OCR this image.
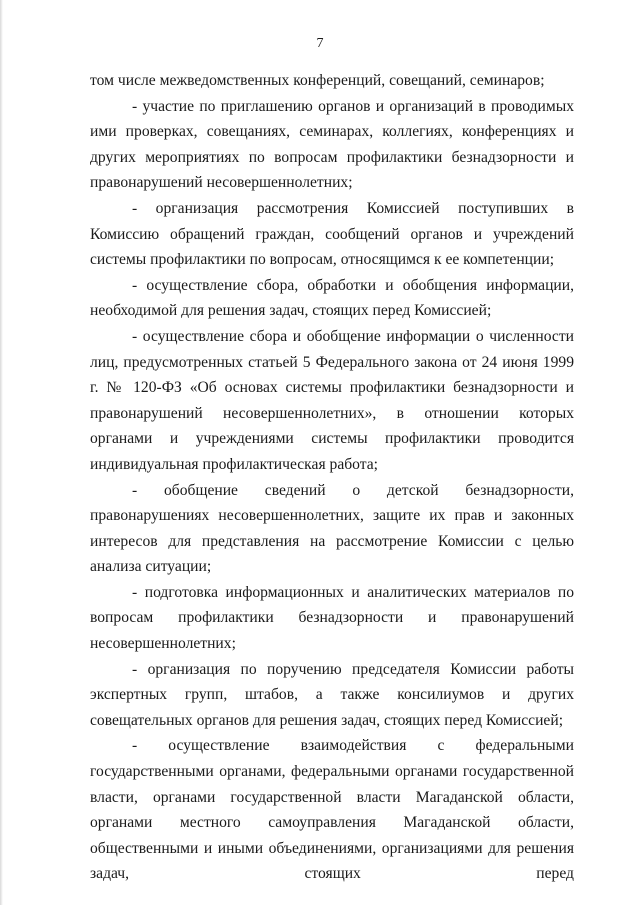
7

том числе межведомственных конференций, совещаний, семинаров;

- участие по приглашению органов и организаций в проводимых ими проверках, совещаниях, семинарах, коллегиях, конференциях и других мероприятиях по вопросам профилактики безнадзорности и правонарушений несовершеннолетних;

- организация рассмотрения Комиссией поступивших в Комиссию обращений граждан, сообщений органов и учреждений системы профилактики по вопросам, относящимся к ее компетенции;

- осуществление сбора, обработки и обобщения информации, необходимой для решения задач, стоящих перед Комиссией;

- осуществление сбора и обобщение информации о численности лиц, предусмотренных статьей 5 Федерального закона от 24 июня 1999 г. № 120-ФЗ «Об основах системы профилактики безнадзорности и правонарушений несовершеннолетних», в отношении которых органами и учреждениями системы профилактики проводится индивидуальная профилактическая работа;

- обобщение сведений о детской безнадзорности, правонарушениях несовершеннолетних, защите их прав и законных интересов для представления на рассмотрение Комиссии с целью анализа ситуации;

- подготовка информационных и аналитических материалов по вопросам профилактики безнадзорности и правонарушений несовершеннолетних;

- организация по поручению председателя Комиссии работы экспертных групп, штабов, а также консилиумов и других совещательных органов для решения задач, стоящих перед Комиссией;

- осуществление взаимодействия с федеральными государственными органами, федеральными органами государственной власти, органами государственной власти Магаданской области, органами местного самоуправления Магаданской области, общественными и иными объединениями, организациями для решения задач, стоящих перед
